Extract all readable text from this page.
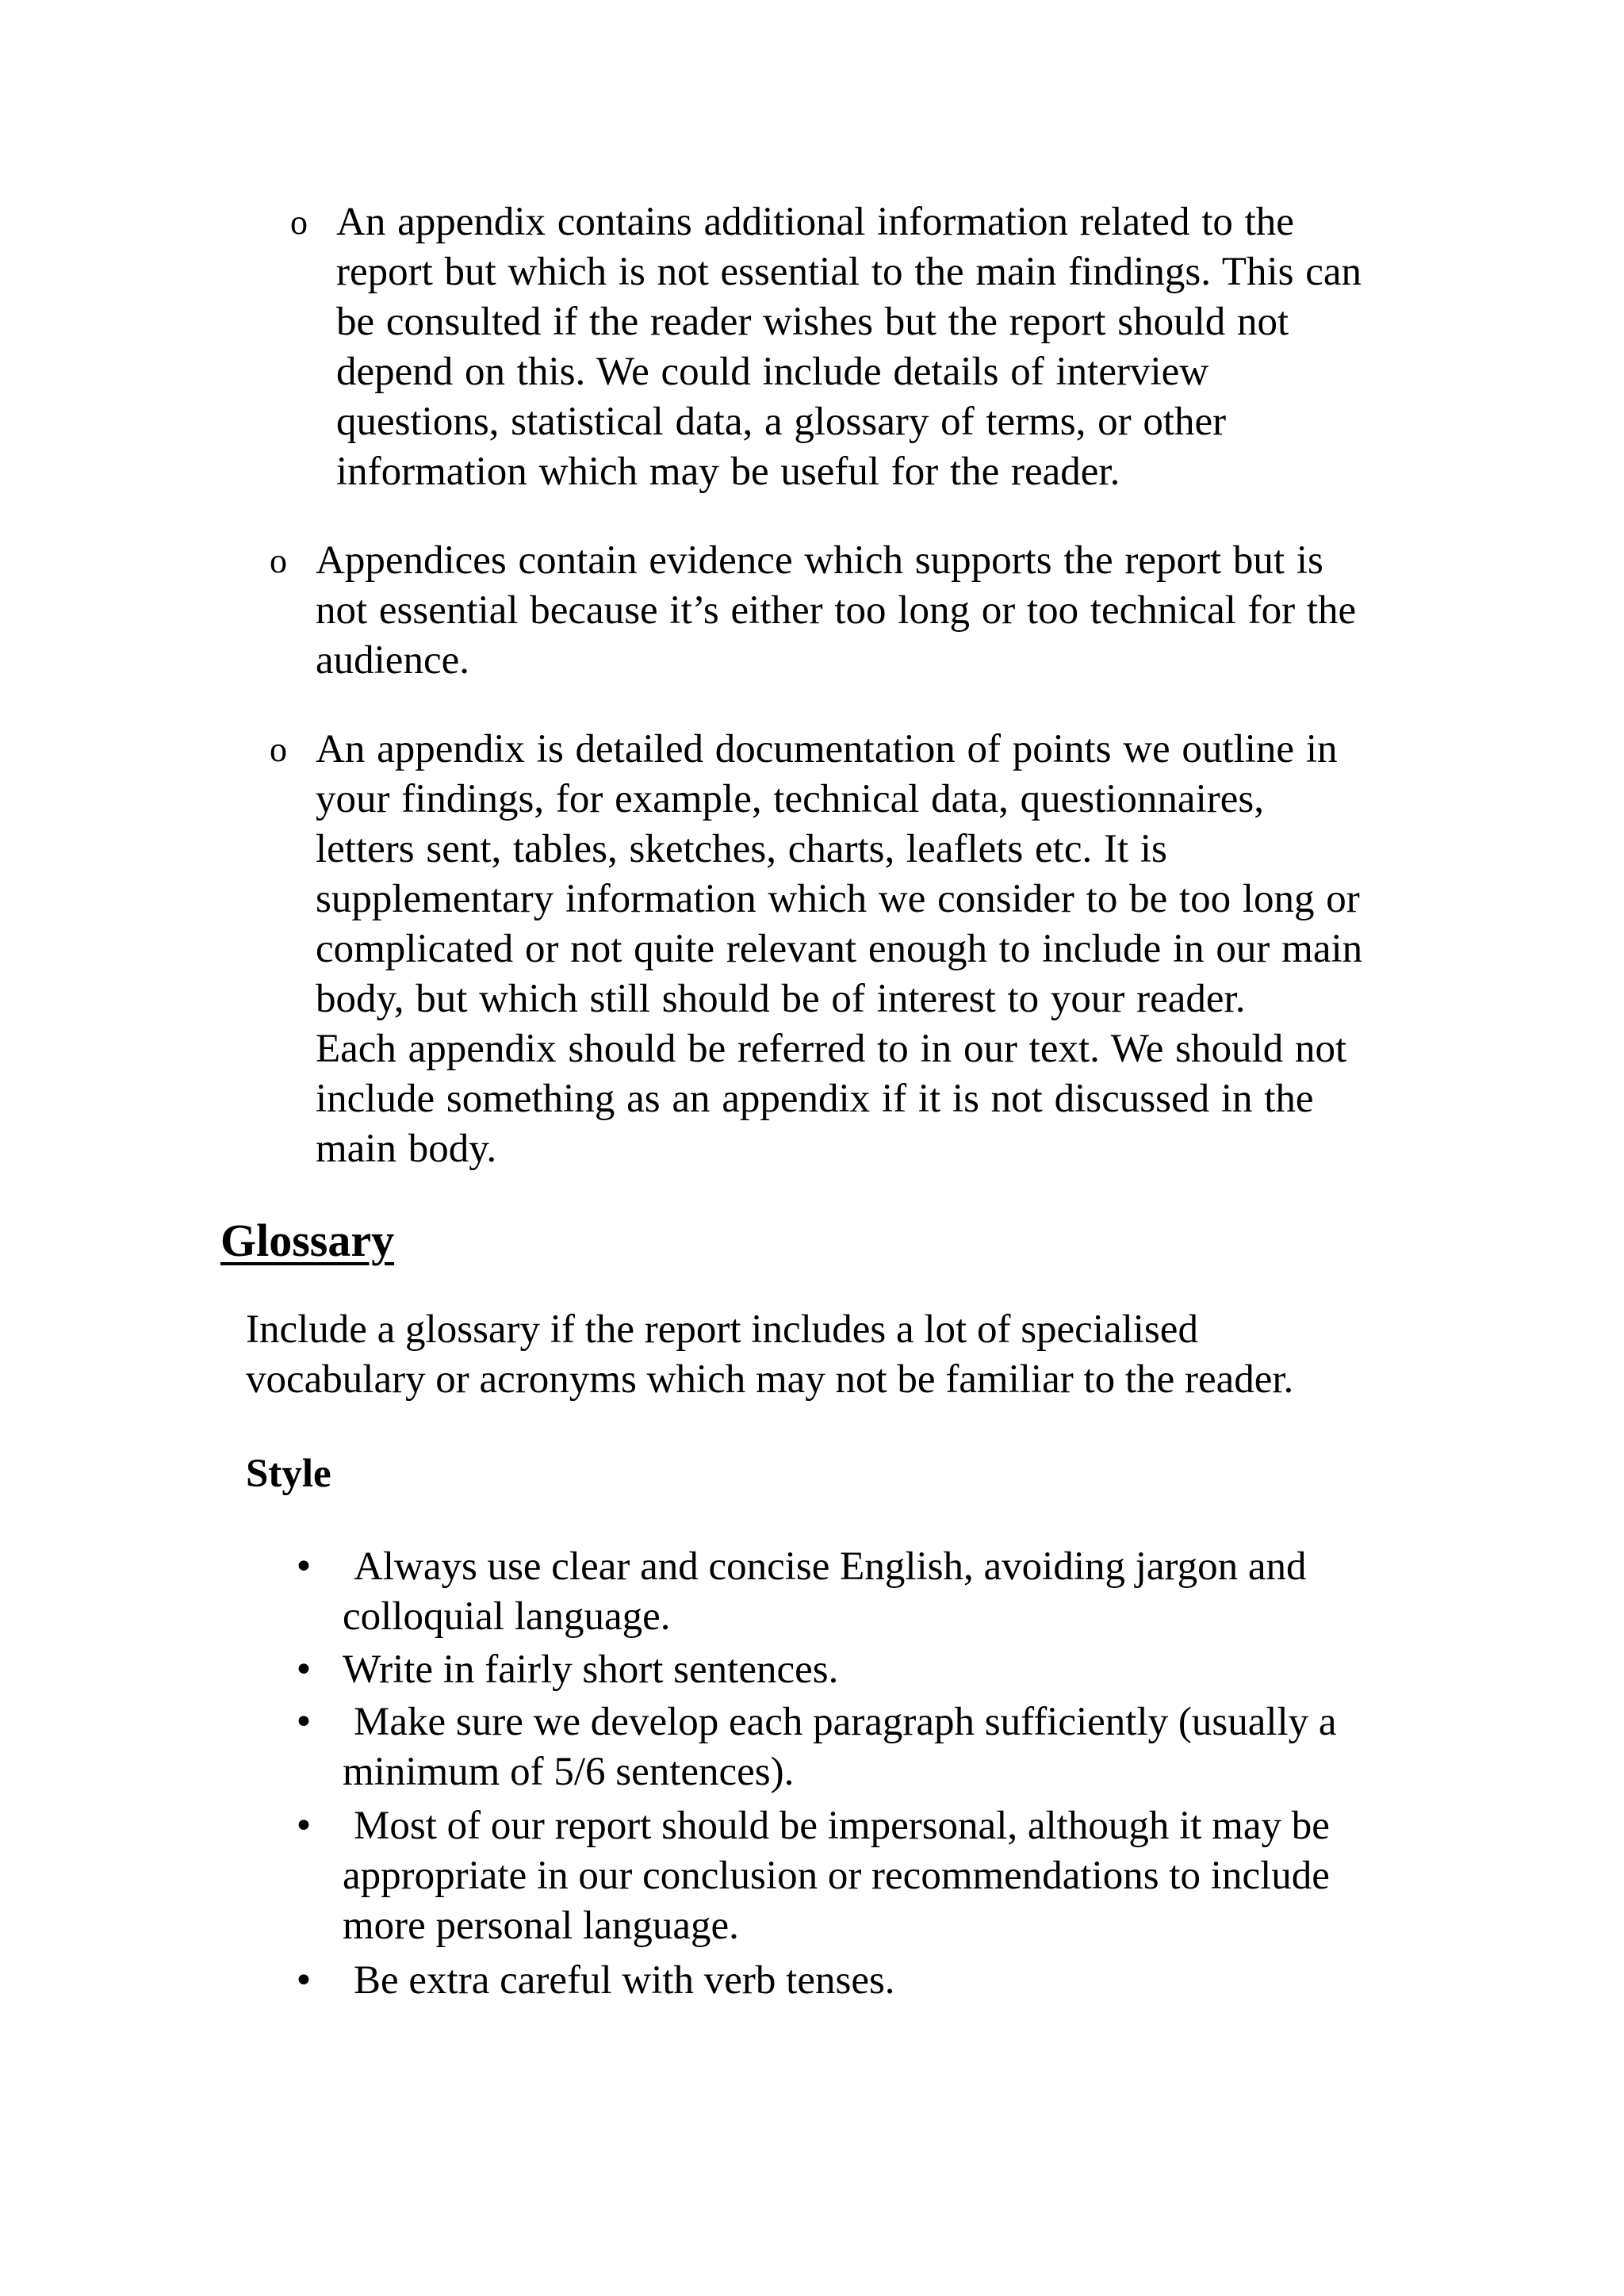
o An appendix contains additional information related to the

report but which is not essential to the main findings. This can

be consulted if the reader wishes but the report should not

depend on this. We could include details of interview

questions, statistical data, a glossary of terms, or other

information which may be useful for the reader.

o Appendices contain evidence which supports the report but is

not essential because it’s either too long or too technical for the

audience.

o An appendix is detailed documentation of points we outline in

your findings, for example, technical data, questionnaires,

letters sent, tables, sketches, charts, leaflets etc. It is

supplementary information which we consider to be too long or

complicated or not quite relevant enough to include in our main

body, but which still should be of interest to your reader.

Each appendix should be referred to in our text. We should not

include something as an appendix if it is not discussed in the

main body.

Glossary
Include a glossary if the report includes a lot of specialised
vocabulary or acronyms which may not be familiar to the reader.
Style
• Always use clear and concise English, avoiding jargon and
colloquial language.
• Write in fairly short sentences.
• Make sure we develop each paragraph sufficiently (usually a
minimum of 5/6 sentences).
• Most of our report should be impersonal, although it may be
appropriate in our conclusion or recommendations to include
more personal language.
• Be extra careful with verb tenses.
